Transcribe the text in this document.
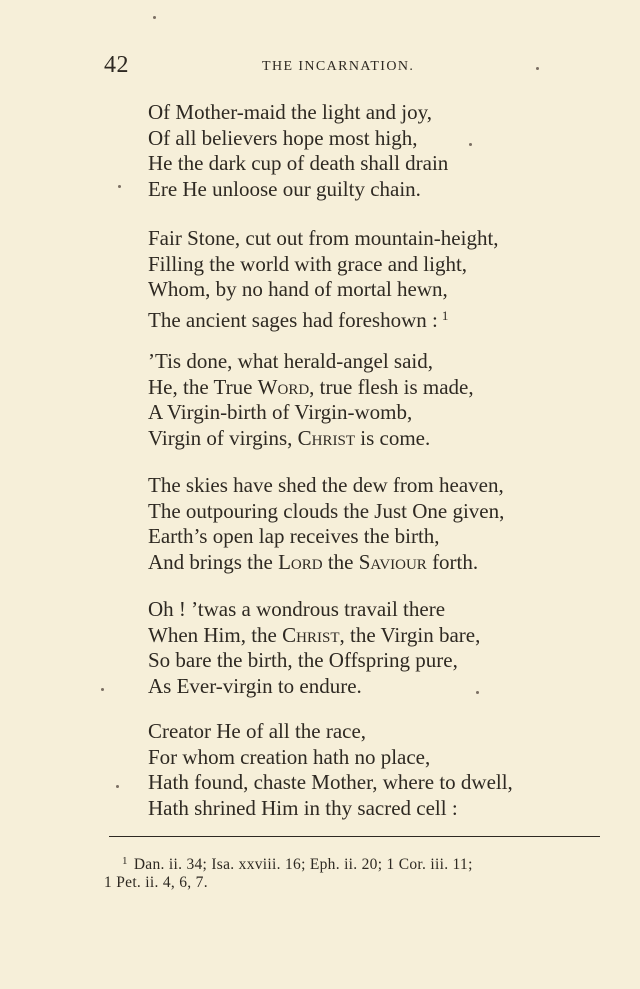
42	THE INCARNATION.
Of Mother-maid the light and joy,
Of all believers hope most high,
He the dark cup of death shall drain
Ere He unloose our guilty chain.
Fair Stone, cut out from mountain-height,
Filling the world with grace and light,
Whom, by no hand of mortal hewn,
The ancient sages had foreshown : $^1$
’Tis done, what herald-angel said,
He, the True Word, true flesh is made,
A Virgin-birth of Virgin-womb,
Virgin of virgins, Christ is come.
The skies have shed the dew from heaven,
The outpouring clouds the Just One given,
Earth’s open lap receives the birth,
And brings the Lord the Saviour forth.
Oh ! ’twas a wondrous travail there
When Him, the Christ, the Virgin bare,
So bare the birth, the Offspring pure,
As Ever-virgin to endure.
Creator He of all the race,
For whom creation hath no place,
Hath found, chaste Mother, where to dwell,
Hath shrined Him in thy sacred cell :
$^1$ Dan. ii. 34; Isa. xxviii. 16; Eph. ii. 20; 1 Cor. iii. 11;
1 Pet. ii. 4, 6, 7.
